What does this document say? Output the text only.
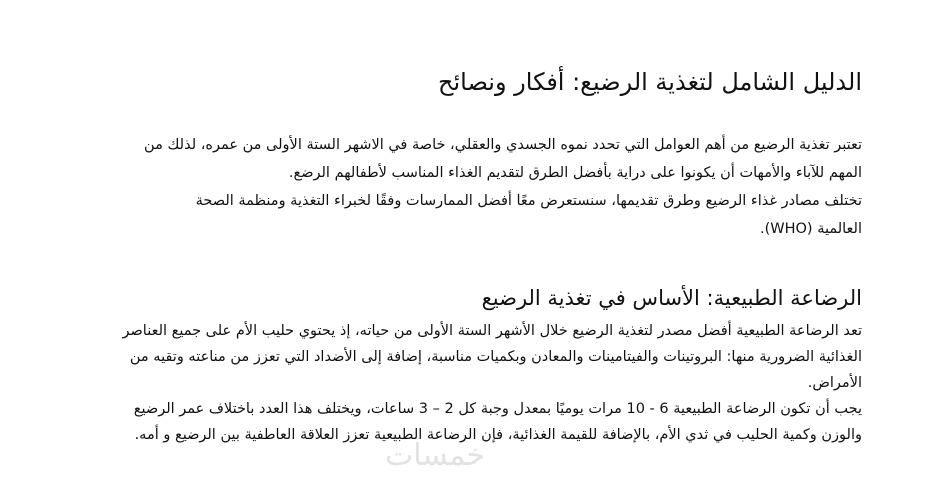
الدليل الشامل لتغذية الرضيع: أفكار ونصائح
تعتبر تغذية الرضيع من أهم العوامل التي تحدد نموه الجسدي والعقلي، خاصة في الاشهر الستة الأولى من عمره، لذلك من
المهم للآباء والأمهات أن يكونوا على دراية بأفضل الطرق لتقديم الغذاء المناسب لأطفالهم الرضع.
تختلف مصادر غذاء الرضيع وطرق تقديمها، سنستعرض معًا أفضل الممارسات وفقًا لخبراء التغذية ومنظمة الصحة
العالمية (WHO).
الرضاعة الطبيعية: الأساس في تغذية الرضيع
تعد الرضاعة الطبيعية أفضل مصدر لتغذية الرضيع خلال الأشهر الستة الأولى من حياته، إذ يحتوي حليب الأم على جميع العناصر
الغذائية الضرورية منها: البروتينات والفيتامينات والمعادن وبكميات مناسبة، إضافة إلى الأضداد التي تعزز من مناعته وتقيه من
الأمراض.
يجب أن تكون الرضاعة الطبيعية 6 - 10 مرات يوميًا بمعدل وجبة كل 2 – 3 ساعات، ويختلف هذا العدد باختلاف عمر الرضيع
والوزن وكمية الحليب في ثدي الأم، بالإضافة للقيمة الغذائية، فإن الرضاعة الطبيعية تعزز العلاقة العاطفية بين الرضيع و أمه.
خمسات
